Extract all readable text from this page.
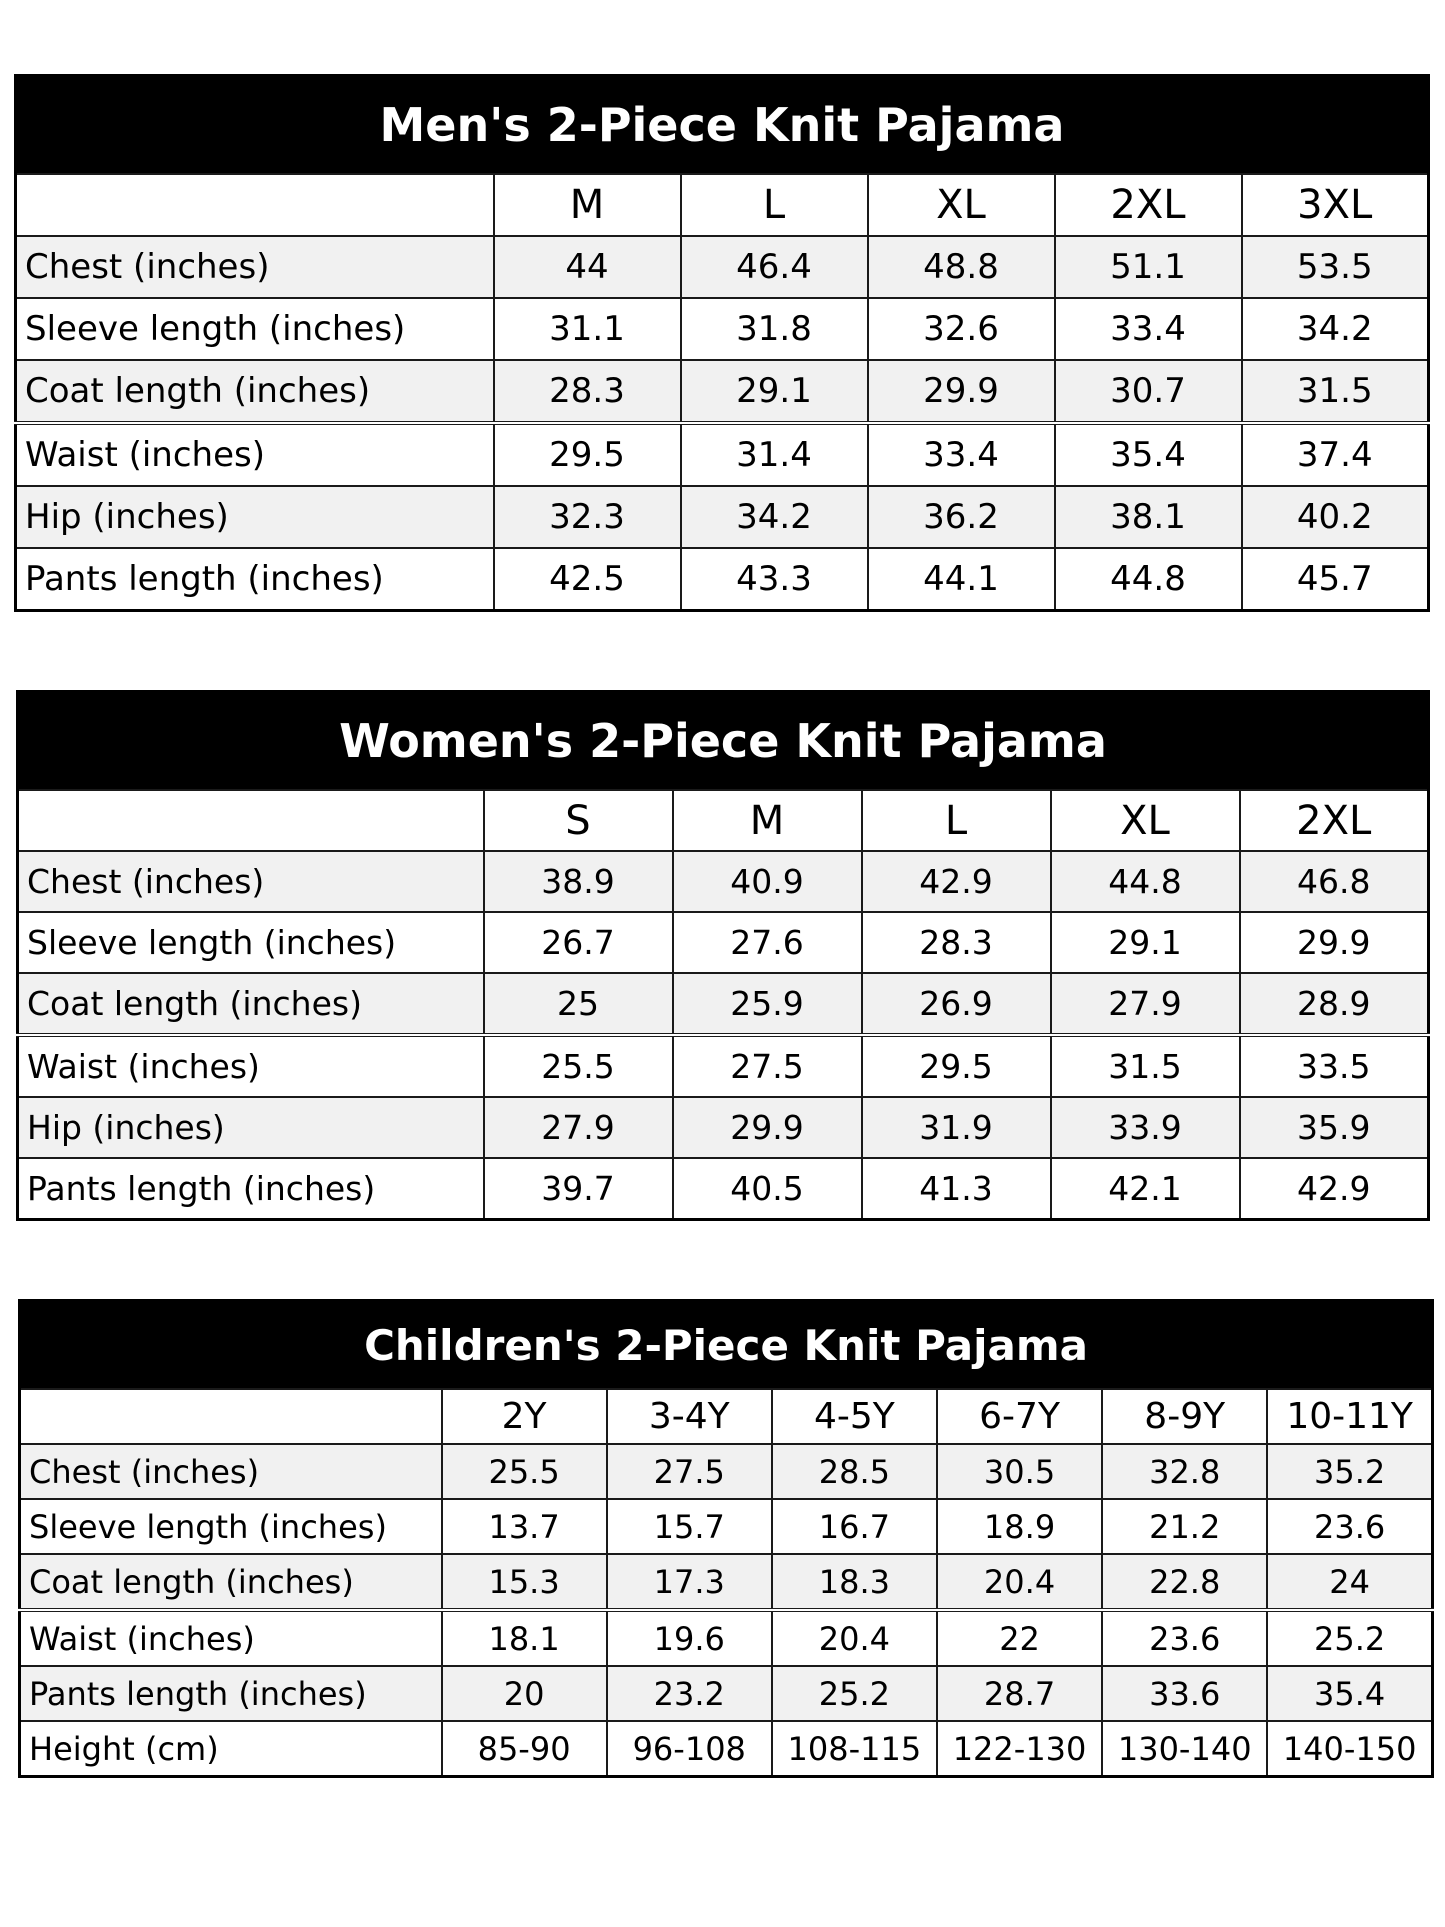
Men's 2-Piece Knit Pajama					
	M	L	XL	2XL	3XL
Chest (inches)	44	46.4	48.8	51.1	53.5
Sleeve length (inches)	31.1	31.8	32.6	33.4	34.2
Coat length (inches)	28.3	29.1	29.9	30.7	31.5
Waist (inches)	29.5	31.4	33.4	35.4	37.4
Hip (inches)	32.3	34.2	36.2	38.1	40.2
Pants length (inches)	42.5	43.3	44.1	44.8	45.7
Women's 2-Piece Knit Pajama					
	S	M	L	XL	2XL
Chest (inches)	38.9	40.9	42.9	44.8	46.8
Sleeve length (inches)	26.7	27.6	28.3	29.1	29.9
Coat length (inches)	25	25.9	26.9	27.9	28.9
Waist (inches)	25.5	27.5	29.5	31.5	33.5
Hip (inches)	27.9	29.9	31.9	33.9	35.9
Pants length (inches)	39.7	40.5	41.3	42.1	42.9
Children's 2-Piece Knit Pajama						
	2Y	3-4Y	4-5Y	6-7Y	8-9Y	10-11Y
Chest (inches)	25.5	27.5	28.5	30.5	32.8	35.2
Sleeve length (inches)	13.7	15.7	16.7	18.9	21.2	23.6
Coat length (inches)	15.3	17.3	18.3	20.4	22.8	24
Waist (inches)	18.1	19.6	20.4	22	23.6	25.2
Pants length (inches)	20	23.2	25.2	28.7	33.6	35.4
Height (cm)	85-90	96-108	108-115	122-130	130-140	140-150
